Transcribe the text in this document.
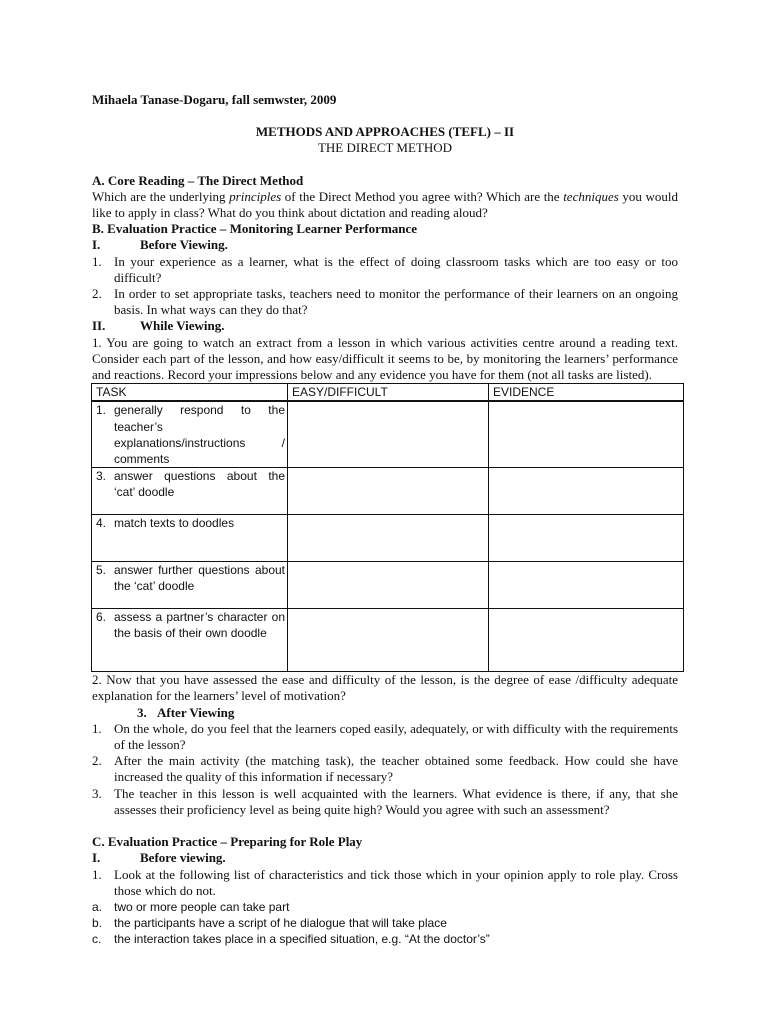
Mihaela Tanase-Dogaru, fall semwster, 2009

METHODS AND APPROACHES (TEFL) – II
THE DIRECT METHOD
A. Core Reading – The Direct Method
Which are the underlying principles of the Direct Method you agree with? Which are the techniques you would like to apply in class? What do you think about dictation and reading aloud?
B. Evaluation Practice – Monitoring Learner Performance
I.	Before Viewing.
1. In your experience as a learner, what is the effect of doing classroom tasks which are too easy or too difficult?
2. In order to set appropriate tasks, teachers need to monitor the performance of their learners on an ongoing basis. In what ways can they do that?
II.	While Viewing.
1. You are going to watch an extract from a lesson in which various activities centre around a reading text. Consider each part of the lesson, and how easy/difficult it seems to be, by monitoring the learners’ performance and reactions. Record your impressions below and any evidence you have for them (not all tasks are listed).
TASK	EASY/DIFFICULT	EVIDENCE

1. generally respond to the teacher’s explanations/instructions / comments		

3. answer questions about the ‘cat’ doodle		

4. match texts to doodles		

5. answer further questions about the ‘cat’ doodle		

6. assess a partner’s character on the basis of their own doodle		

2. Now that you have assessed the ease and difficulty of the lesson, is the degree of ease /difficulty adequate explanation for the learners’ level of motivation?
3. After Viewing
1. On the whole, do you feel that the learners coped easily, adequately, or with difficulty with the requirements of the lesson?
2. After the main activity (the matching task), the teacher obtained some feedback. How could she have increased the quality of this information if necessary?
3. The teacher in this lesson is well acquainted with the learners. What evidence is there, if any, that she assesses their proficiency level as being quite high? Would you agree with such an assessment?
C. Evaluation Practice – Preparing for Role Play
I.	Before viewing.
1. Look at the following list of characteristics and tick those which in your opinion apply to role play. Cross those which do not.
a. two or more people can take part
b. the participants have a script of he dialogue that will take place
c.	the interaction takes place in a specified situation, e.g. “At the doctor’s”
